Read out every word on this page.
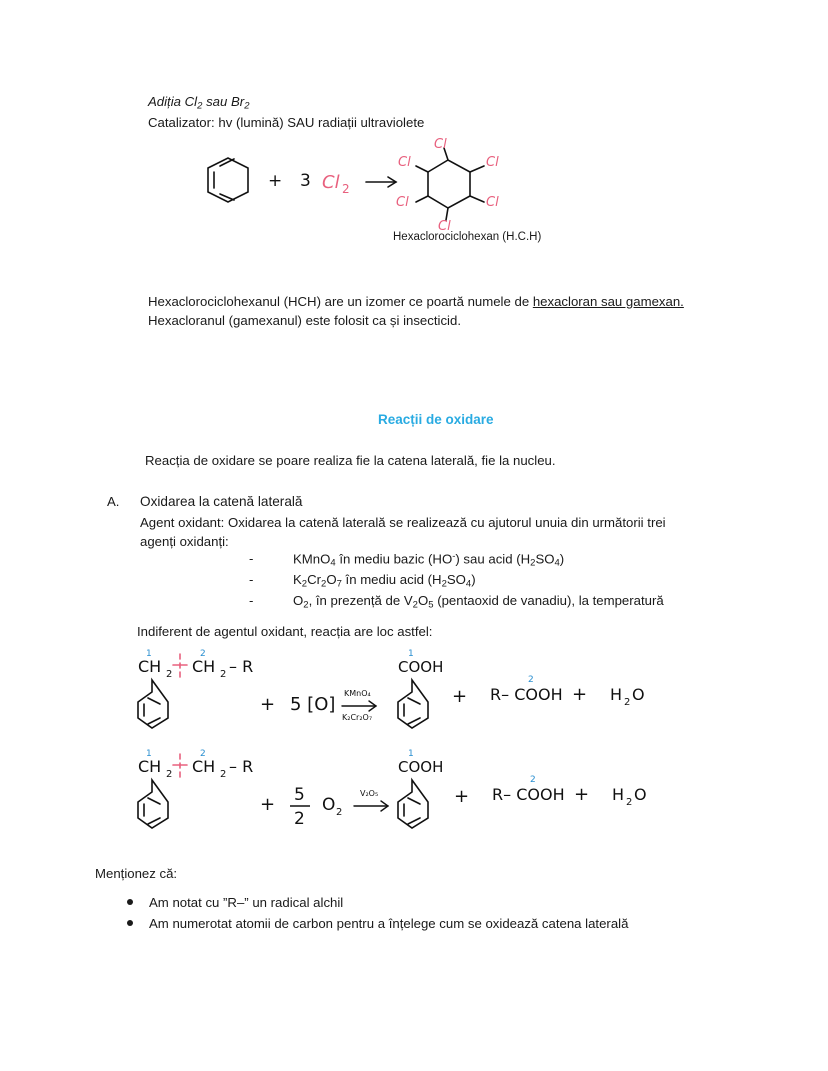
Adiția $Cl_2$ sau $Br_2$
Catalizator: hv (lumină) SAU radiații ultraviolete
+ 3 Cl 2
Cl
Cl	Cl
Cl
Cl
Cl
Hexaclorociclohexan (H.C.H)
Hexaclorociclohexanul (HCH) are un izomer ce poartă numele de hexacloran sau gamexan.
Hexacloranul (gamexanul) este folosit ca și insecticid.
Reacții de oxidare
Reacția de oxidare se poare realiza fie la catena laterală, fie la nucleu.
A. Oxidarea la catenă laterală
Agent oxidant: Oxidarea la catenă laterală se realizează cu ajutorul unuia din următorii trei
agenți oxidanți:
-	KMnO$_4$ în mediu bazic (HO-) sau acid $(H_2SO_4)$
-	$K_2Cr_2O_7$ în mediu acid $(H_2SO_4)$
-	$O_2$, în prezență de $V_2O_5$ (pentaoxid de vanadiu), la temperatură
Indiferent de agentul oxidant, reacția are loc astfel:
1	2
CH 2 CH 2 – R
+ 5 [O]
KMnO₄
K₂Cr₂O₇
1
COOH
+
2
R– COOH + H 2 O
1	2
CH 2 CH 2 – R
+ 5
2
O 2
V₂O₅
1
COOH
+
2
R– COOH + H 2 O
Menționez că:
Am notat cu ”R–” un radical alchil
Am numerotat atomii de carbon pentru a înțelege cum se oxidează catena laterală
